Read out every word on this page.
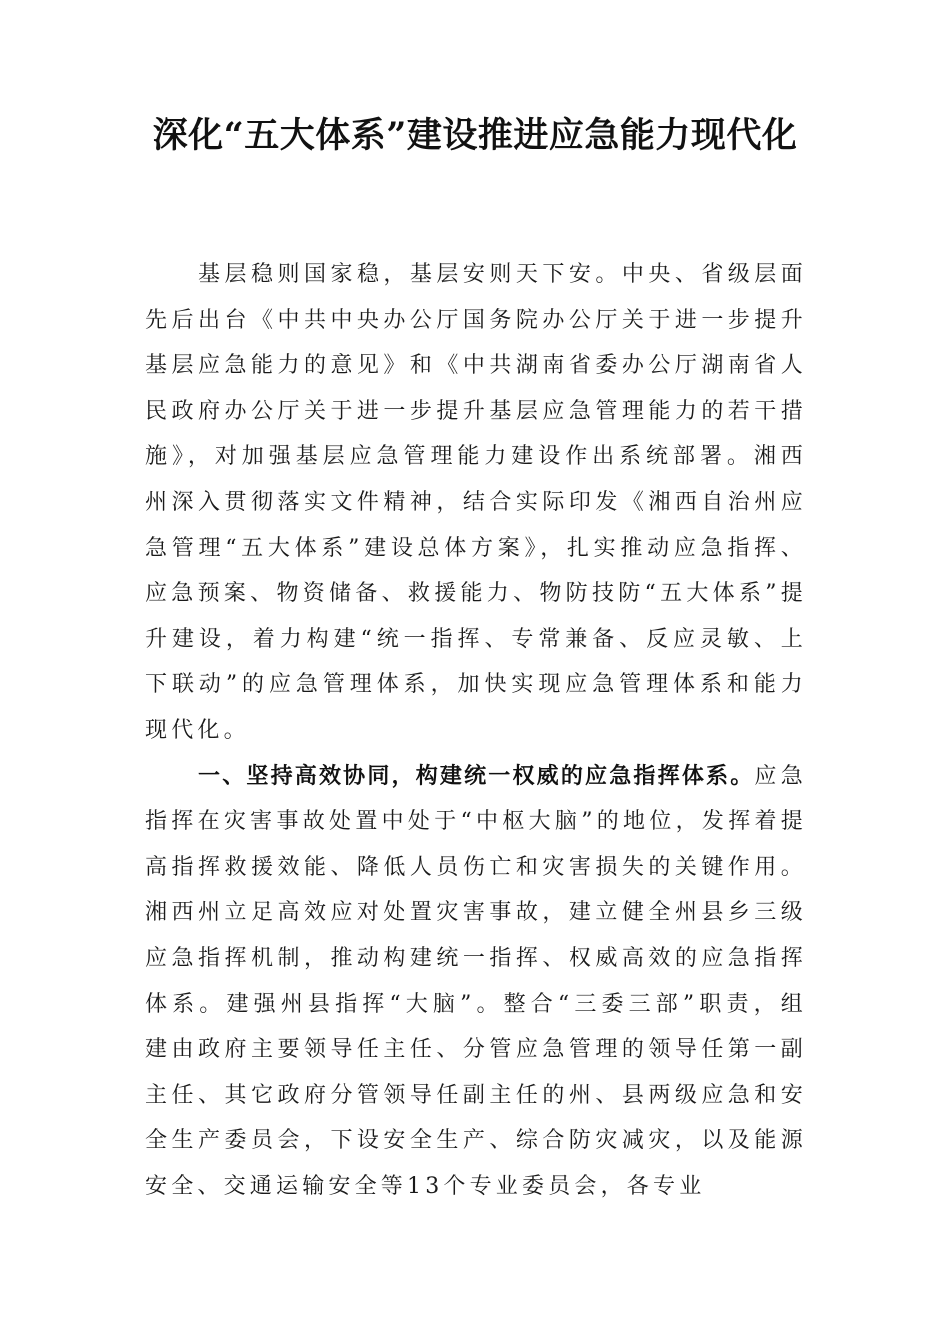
深化“五大体系”建设推进应急能力现代化

基层稳则国家稳，基层安则天下安。中央、省级层面先后出台《中共中央办公厅国务院办公厅关于进一步提升基层应急能力的意见》和《中共湖南省委办公厅湖南省人民政府办公厅关于进一步提升基层应急管理能力的若干措施》，对加强基层应急管理能力建设作出系统部署。湘西州深入贯彻落实文件精神，结合实际印发《湘西自治州应急管理“五大体系”建设总体方案》，扎实推动应急指挥、应急预案、物资储备、救援能力、物防技防“五大体系”提升建设，着力构建“统一指挥、专常兼备、反应灵敏、上下联动”的应急管理体系，加快实现应急管理体系和能力现代化。

一、坚持高效协同，构建统一权威的应急指挥体系。应急指挥在灾害事故处置中处于“中枢大脑”的地位，发挥着提高指挥救援效能、降低人员伤亡和灾害损失的关键作用。湘西州立足高效应对处置灾害事故，建立健全州县乡三级应急指挥机制，推动构建统一指挥、权威高效的应急指挥体系。建强州县指挥“大脑”。整合“三委三部”职责，组建由政府主要领导任主任、分管应急管理的领导任第一副主任、其它政府分管领导任副主任的州、县两级应急和安全生产委员会，下设安全生产、综合防灾减灾，以及能源安全、交通运输安全等13个专业委员会，各专业
